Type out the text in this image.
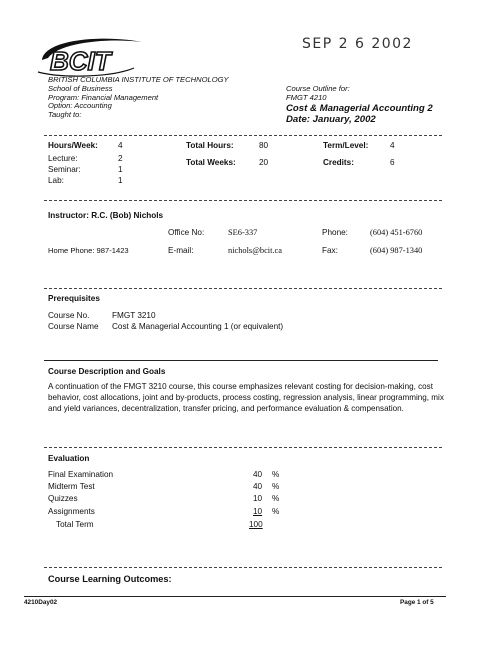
BCIT
SEP 2 6 2002
BRITISH COLUMBIA INSTITUTE OF TECHNOLOGY
School of Business
Program: Financial Management
Option: Accounting
Taught to:
Course Outline for:
FMGT 4210
Cost & Managerial Accounting 2
Date: January, 2002
Hours/Week: 4
Lecture:	2
Seminar:	1
Lab:	1
Total Hours:	80
Total Weeks:	20
Term/Level:	4
Credits:	6
Instructor: R.C. (Bob) Nichols
Office No:	SE6-337	Phone:	(604) 451-6760
Home Phone: 987-1423	E-mail:	nichols@bcit.ca	Fax:	(604) 987-1340
Prerequisites
Course No.	FMGT 3210
Course Name Cost & Managerial Accounting 1 (or equivalent)
Course Description and Goals
A continuation of the FMGT 3210 course, this course emphasizes relevant costing for decision-making, cost behavior, cost allocations, joint and by-products, process costing, regression analysis, linear programming, mix and yield variances, decentralization, transfer pricing, and performance evaluation & compensation.
Evaluation
Final Examination	40 %
Midterm Test	40 %
Quizzes	10 %
Assignments	10 %
Total Term	100
Course Learning Outcomes:
4210Day02	Page 1 of 5
